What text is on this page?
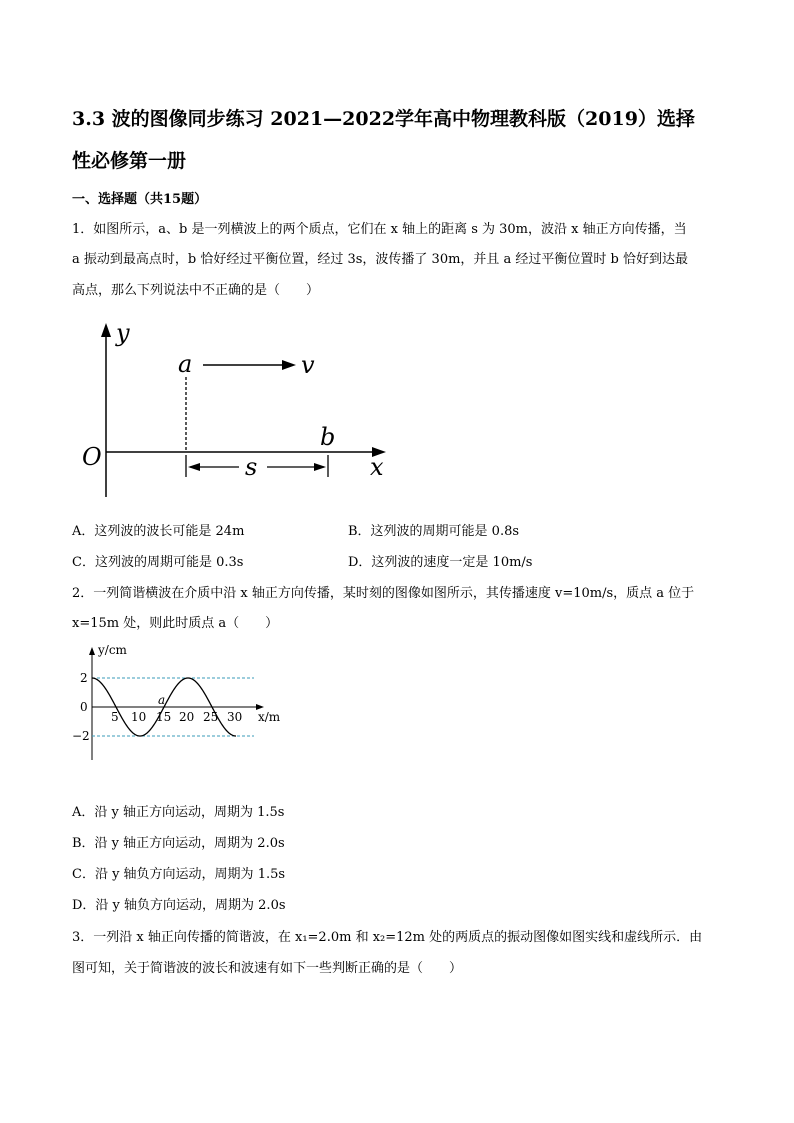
3.3 波的图像同步练习 2021—2022学年高中物理教科版（2019）选择
性必修第一册
一、选择题（共15题）
1．如图所示，a、b 是一列横波上的两个质点，它们在 x 轴上的距离 s 为 30m，波沿 x 轴正方向传播，当
a 振动到最高点时，b 恰好经过平衡位置，经过 3s，波传播了 30m，并且 a 经过平衡位置时 b 恰好到达最
高点，那么下列说法中不正确的是（　　）
y
x
O
a	v
b
s
A．这列波的波长可能是 24m	B．这列波的周期可能是 0.8s
C．这列波的周期可能是 0.3s	D．这列波的速度一定是 10m/s
2．一列简谐横波在介质中沿 x 轴正方向传播，某时刻的图像如图所示，其传播速度 v=10m/s，质点 a 位于
x=15m 处，则此时质点 a（　　）
2
0
−2
5 10 15 20 25 30
y/cm
x/m
a
A．沿 y 轴正方向运动，周期为 1.5s
B．沿 y 轴正方向运动，周期为 2.0s
C．沿 y 轴负方向运动，周期为 1.5s
D．沿 y 轴负方向运动，周期为 2.0s
3．一列沿 x 轴正向传播的简谐波，在 x₁=2.0m 和 x₂=12m 处的两质点的振动图像如图实线和虚线所示．由
图可知，关于简谐波的波长和波速有如下一些判断正确的是（　　）
